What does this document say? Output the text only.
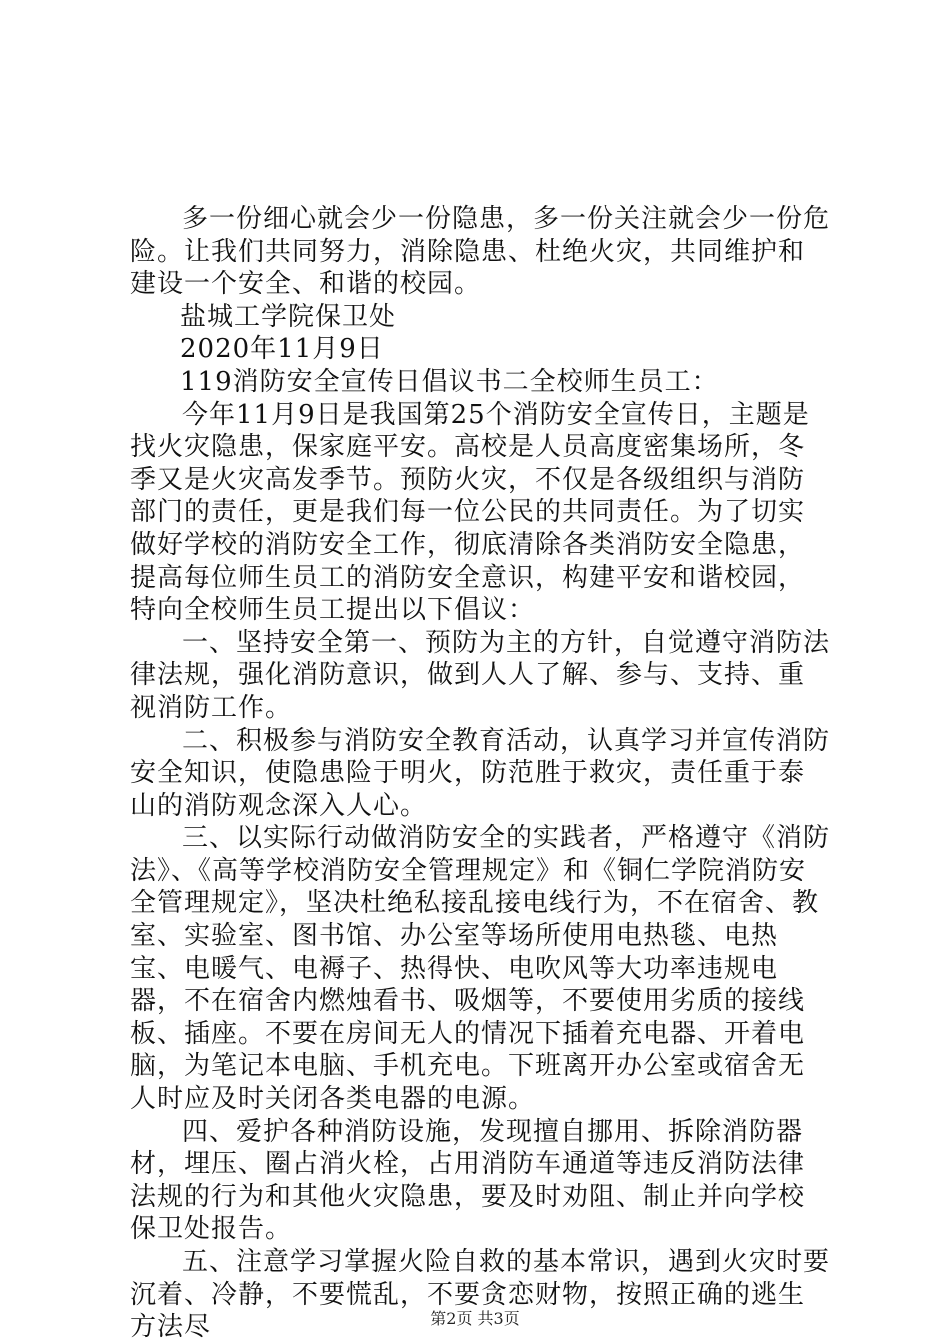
多一份细心就会少一份隐患，多一份关注就会少一份危险。让我们共同努力，消除隐患、杜绝火灾，共同维护和建设一个安全、和谐的校园。

盐城工学院保卫处

2020年11月9日

119消防安全宣传日倡议书二全校师生员工：

今年11月9日是我国第25个消防安全宣传日，主题是找火灾隐患，保家庭平安。高校是人员高度密集场所，冬季又是火灾高发季节。预防火灾，不仅是各级组织与消防部门的责任，更是我们每一位公民的共同责任。为了切实做好学校的消防安全工作，彻底清除各类消防安全隐患，提高每位师生员工的消防安全意识，构建平安和谐校园，特向全校师生员工提出以下倡议：

一、坚持安全第一、预防为主的方针，自觉遵守消防法律法规，强化消防意识，做到人人了解、参与、支持、重视消防工作。

二、积极参与消防安全教育活动，认真学习并宣传消防安全知识，使隐患险于明火，防范胜于救灾，责任重于泰山的消防观念深入人心。

三、以实际行动做消防安全的实践者，严格遵守《消防法》、《高等学校消防安全管理规定》和《铜仁学院消防安全管理规定》，坚决杜绝私接乱接电线行为，不在宿舍、教室、实验室、图书馆、办公室等场所使用电热毯、电热宝、电暖气、电褥子、热得快、电吹风等大功率违规电器，不在宿舍内燃烛看书、吸烟等，不要使用劣质的接线板、插座。不要在房间无人的情况下插着充电器、开着电脑，为笔记本电脑、手机充电。下班离开办公室或宿舍无人时应及时关闭各类电器的电源。

四、爱护各种消防设施，发现擅自挪用、拆除消防器材，埋压、圈占消火栓，占用消防车通道等违反消防法律法规的行为和其他火灾隐患，要及时劝阻、制止并向学校保卫处报告。

五、注意学习掌握火险自救的基本常识，遇到火灾时要沉着、冷静，不要慌乱，不要贪恋财物，按照正确的逃生方法尽	第2页 共3页
